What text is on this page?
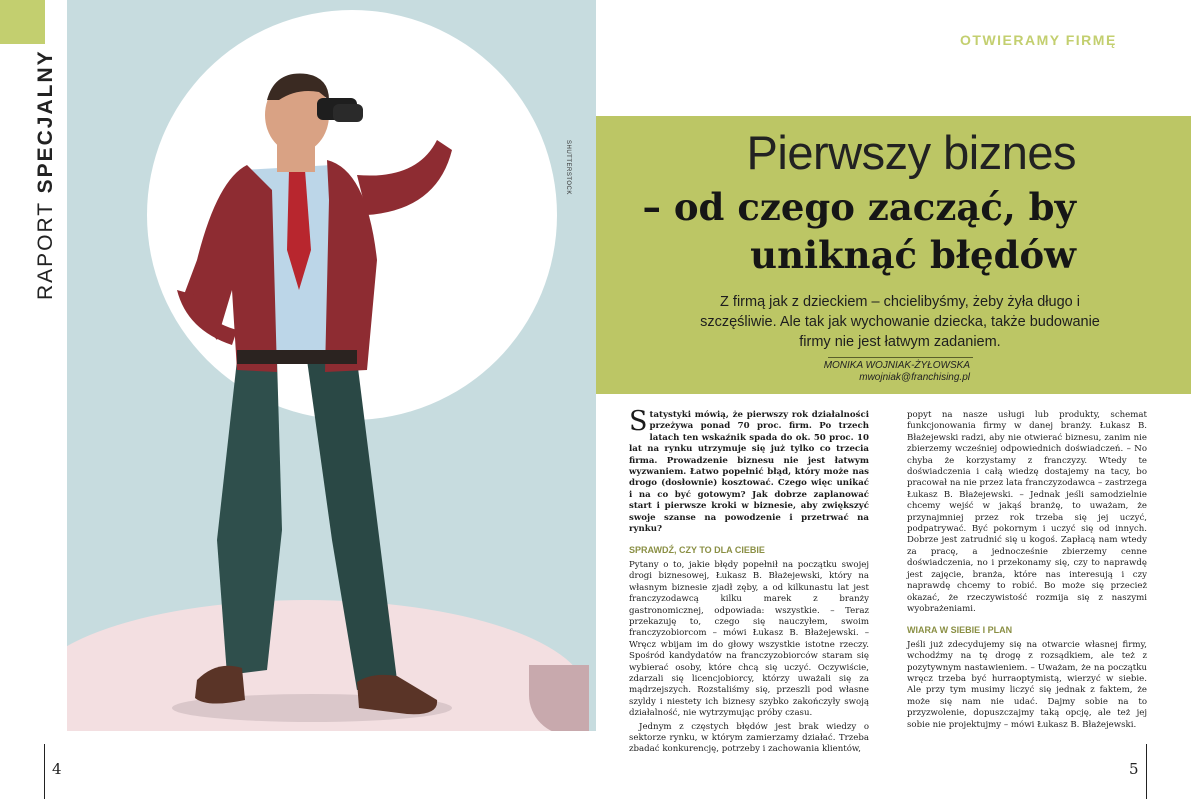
RAPORT SPECJALNY	SHUTTERSTOCK
4
OTWIERAMY FIRMĘ
Pierwszy biznes
– od czego zacząć, by uniknąć błędów
Z firmą jak z dzieckiem – chcielibyśmy, żeby żyła długo i szczęśliwie. Ale tak jak wychowanie dziecka, także budowanie firmy nie jest łatwym zadaniem.
MONIKA WOJNIAK-ŻYŁOWSKA
mwojniak@franchising.pl

Statystyki mówią, że pierwszy rok działalności przeżywa ponad 70 proc. firm. Po trzech latach ten wskaźnik spada do ok. 50 proc. 10 lat na rynku utrzymuje się już tylko co trzecia firma. Prowadzenie biznesu nie jest łatwym wyzwaniem. Łatwo popełnić błąd, który może nas drogo (dosłownie) kosztować. Czego więc unikać i na co być gotowym? Jak dobrze zaplanować start i pierwsze kroki w biznesie, aby zwiększyć swoje szanse na powodzenie i przetrwać na rynku?

SPRAWDŹ, CZY TO DLA CIEBIE

Pytany o to, jakie błędy popełnił na początku swojej drogi biznesowej, Łukasz B. Błażejewski, który na własnym biznesie zjadł zęby, a od kilkunastu lat jest franczyzodawcą kilku marek z branży gastronomicznej, odpowiada: wszystkie. – Teraz przekazuję to, czego się nauczyłem, swoim franczyzobiorcom – mówi Łukasz B. Błażejewski. – Wręcz wbijam im do głowy wszystkie istotne rzeczy. Spośród kandydatów na franczyzobiorców staram się wybierać osoby, które chcą się uczyć. Oczywiście, zdarzali się licencjobiorcy, którzy uważali się za mądrzejszych. Rozstaliśmy się, przeszli pod własne szyldy i niestety ich biznesy szybko zakończyły swoją działalność, nie wytrzymując próby czasu.

Jednym z częstych błędów jest brak wiedzy o sektorze rynku, w którym zamierzamy działać. Trzeba zbadać konkurencję, potrzeby i zachowania klientów,

popyt na nasze usługi lub produkty, schemat funkcjonowania firmy w danej branży. Łukasz B. Błażejewski radzi, aby nie otwierać biznesu, zanim nie zbierzemy wcześniej odpowiednich doświadczeń. – No chyba że korzystamy z franczyzy. Wtedy te doświadczenia i całą wiedzę dostajemy na tacy, bo pracował na nie przez lata franczyzodawca – zastrzega Łukasz B. Błażejewski. – Jednak jeśli samodzielnie chcemy wejść w jakąś branżę, to uważam, że przynajmniej przez rok trzeba się jej uczyć, podpatrywać. Być pokornym i uczyć się od innych. Dobrze jest zatrudnić się u kogoś. Zapłacą nam wtedy za pracę, a jednocześnie zbierzemy cenne doświadczenia, no i przekonamy się, czy to naprawdę jest zajęcie, branża, które nas interesują i czy naprawdę chcemy to robić. Bo może się przecież okazać, że rzeczywistość rozmija się z naszymi wyobrażeniami.

WIARA W SIEBIE I PLAN

Jeśli już zdecydujemy się na otwarcie własnej firmy, wchodźmy na tę drogę z rozsądkiem, ale też z pozytywnym nastawieniem. – Uważam, że na początku wręcz trzeba być hurraoptymistą, wierzyć w siebie. Ale przy tym musimy liczyć się jednak z faktem, że może się nam nie udać. Dajmy sobie na to przyzwolenie, dopuszczajmy taką opcję, ale też jej sobie nie projektujmy – mówi Łukasz B. Błażejewski.

5
